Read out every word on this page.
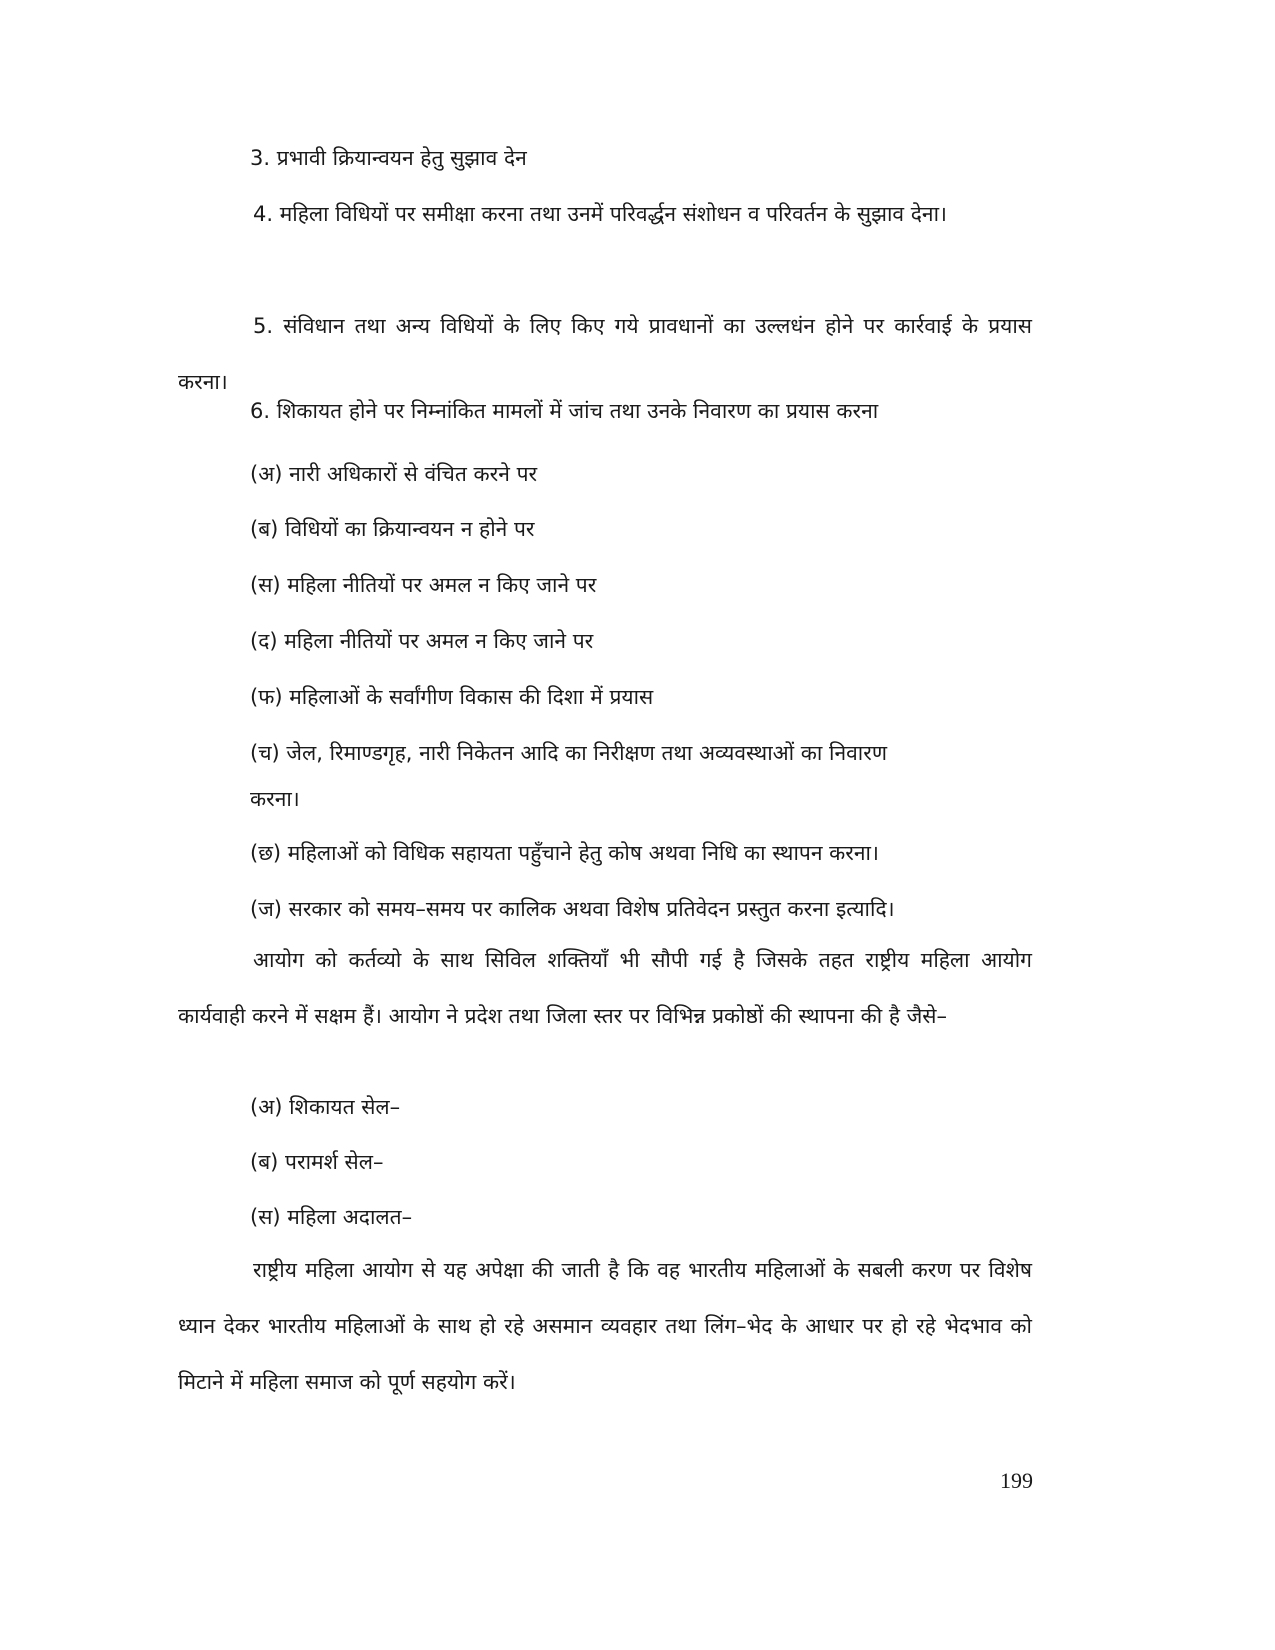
3. प्रभावी क्रियान्वयन हेतु सुझाव देन

4. महिला विधियों पर समीक्षा करना तथा उनमें परिवर्द्धन संशोधन व परिवर्तन के सुझाव देना।

5. संविधान तथा अन्य विधियों के लिए किए गये प्रावधानों का उल्लधंन होने पर कार्रवाई के प्रयास करना।

6. शिकायत होने पर निम्नांकित मामलों में जांच तथा उनके निवारण का प्रयास करना
(अ) नारी अधिकारों से वंचित करने पर
(ब) विधियों का क्रियान्वयन न होने पर
(स) महिला नीतियों पर अमल न किए जाने पर
(द) महिला नीतियों पर अमल न किए जाने पर
(फ) महिलाओं के सर्वांगीण विकास की दिशा में प्रयास
(च) जेल, रिमाण्डगृह, नारी निकेतन आदि का निरीक्षण तथा अव्यवस्थाओं का निवारण
करना।
(छ) महिलाओं को विधिक सहायता पहुँचाने हेतु कोष अथवा निधि का स्थापन करना।
(ज) सरकार को समय–समय पर कालिक अथवा विशेष प्रतिवेदन प्रस्तुत करना इत्यादि।

आयोग को कर्तव्यो के साथ सिविल शक्तियाँ भी सौपी गई है जिसके तहत राष्ट्रीय महिला आयोग कार्यवाही करने में सक्षम हैं। आयोग ने प्रदेश तथा जिला स्तर पर विभिन्न प्रकोष्ठों की स्थापना की है जैसे–

(अ) शिकायत सेल–
(ब) परामर्श सेल–
(स) महिला अदालत–

राष्ट्रीय महिला आयोग से यह अपेक्षा की जाती है कि वह भारतीय महिलाओं के सबली करण पर विशेष ध्यान देकर भारतीय महिलाओं के साथ हो रहे असमान व्यवहार तथा लिंग–भेद के आधार पर हो रहे भेदभाव को मिटाने में महिला समाज को पूर्ण सहयोग करें।

199
